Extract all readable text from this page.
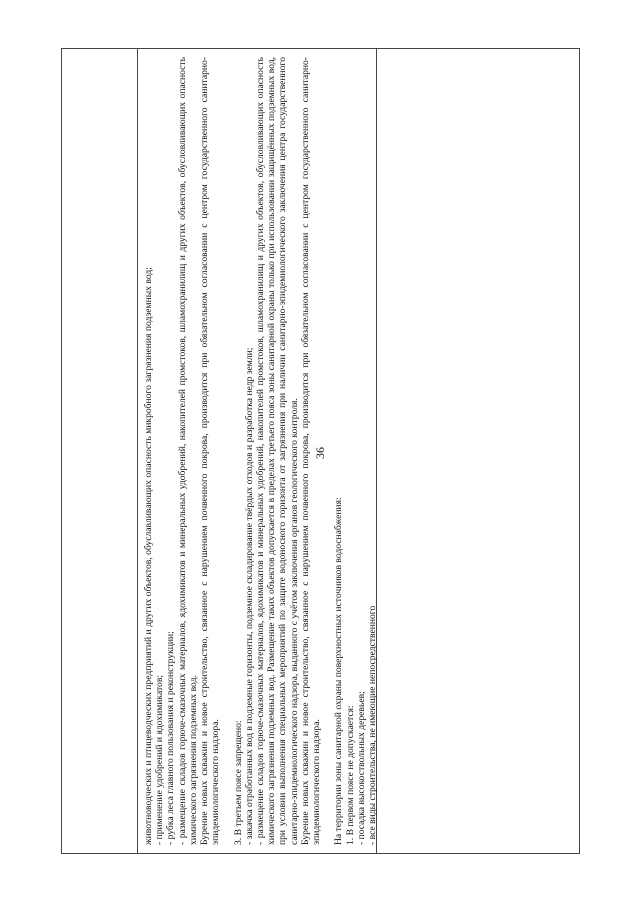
36

животноводческих и птицеводческих предприятий и других объектов, обуславливающих опасность микробного загрязнения подземных вод; - применение удобрений и ядохимикатов; - рубка леса главного пользования и реконструкции; - размещение складов горюче-смазочных материалов, ядохимикатов и минеральных удобрений, накопителей промстоков, шламохранилищ и других объектов, обусловливающих опасность химического загрязнения подземных вод. Бурение новых скважин и новое строительство, связанное с нарушением почвенного покрова, производится при обязательном согласовании с центром государственного санитарно-эпидемиологического надзора. 3. В третьем поясе запрещено: - закачка отработанных вод в подземные горизонты, подземное складирование твёрдых отходов и разработка недр земли; - размещение складов горюче-смазочных материалов, ядохимикатов и минеральных удобрений, накопителей промстоков, шламохранилищ и других объектов, обусловливающих опасность химического загрязнения подземных вод. Размещение таких объектов допускается в пределах третьего пояса зоны санитарной охраны только при использовании защищённых подземных вод, при условии выполнения специальных мероприятий по защите водоносного горизонта от загрязнения при наличии санитарно-эпидемиологического заключения центра государственного санитарно-эпидемиологического надзора, выданного с учётом заключения органов геологического контроля. Бурение новых скважин и новое строительство, связанное с нарушением почвенного покрова, производится при обязательном согласовании с центром государственного санитарно-эпидемиологического надзора. На территории зоны санитарной охраны поверхностных источников водоснабжения: 1. В первом поясе не допускается: - посадка высокоствольных деревьев; - все виды строительства, не имеющие непосредственного
